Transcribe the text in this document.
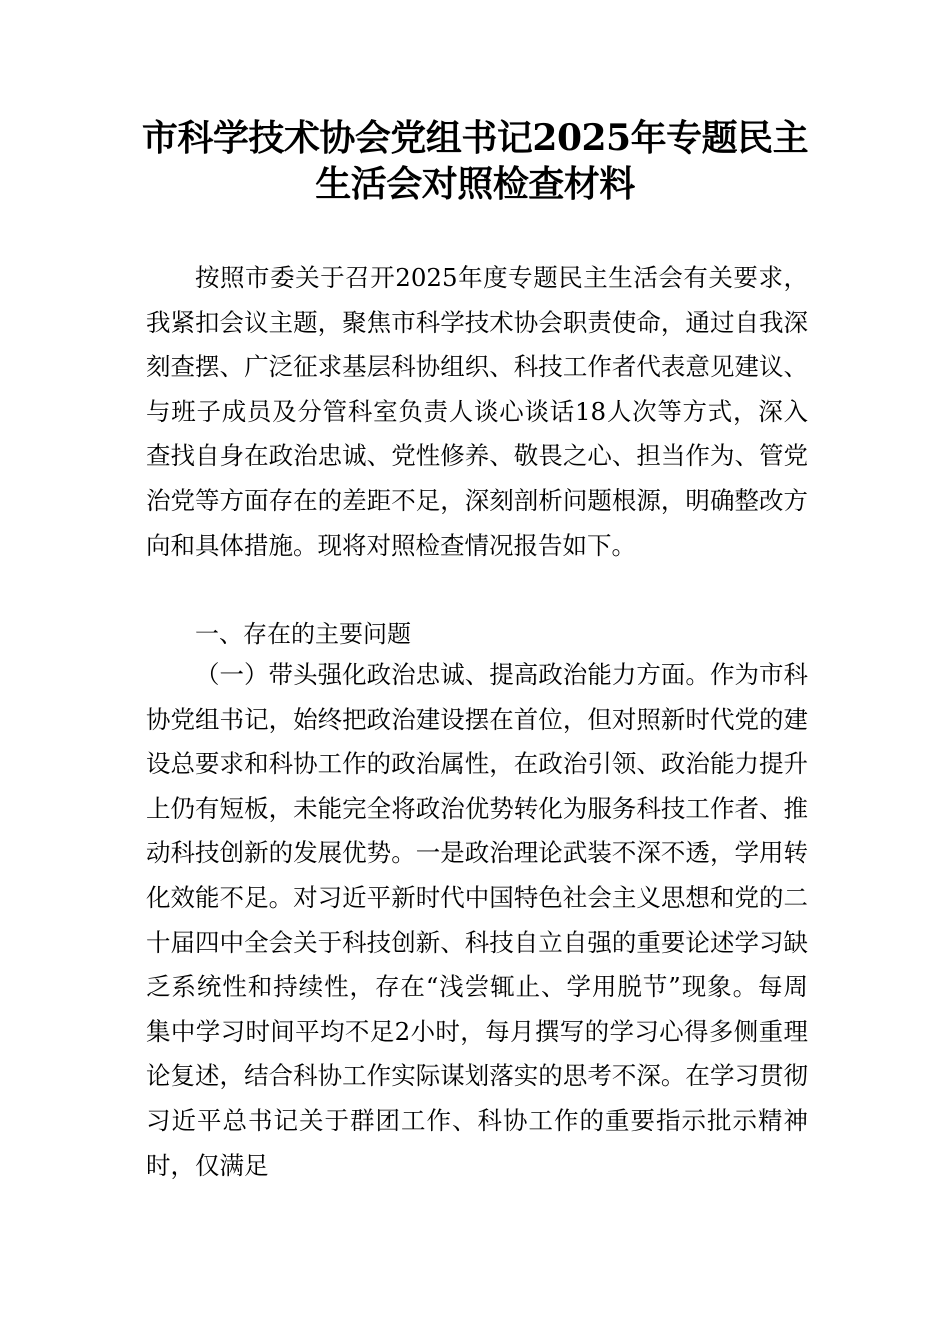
市科学技术协会党组书记2025年专题民主
生活会对照检查材料

按照市委关于召开2025年度专题民主生活会有关要求，我紧扣会议主题，聚焦市科学技术协会职责使命，通过自我深刻查摆、广泛征求基层科协组织、科技工作者代表意见建议、与班子成员及分管科室负责人谈心谈话18人次等方式，深入查找自身在政治忠诚、党性修养、敬畏之心、担当作为、管党治党等方面存在的差距不足，深刻剖析问题根源，明确整改方向和具体措施。现将对照检查情况报告如下。

一、存在的主要问题

（一）带头强化政治忠诚、提高政治能力方面。作为市科协党组书记，始终把政治建设摆在首位，但对照新时代党的建设总要求和科协工作的政治属性，在政治引领、政治能力提升上仍有短板，未能完全将政治优势转化为服务科技工作者、推动科技创新的发展优势。一是政治理论武装不深不透，学用转化效能不足。对习近平新时代中国特色社会主义思想和党的二十届四中全会关于科技创新、科技自立自强的重要论述学习缺乏系统性和持续性，存在“浅尝辄止、学用脱节”现象。每周集中学习时间平均不足2小时，每月撰写的学习心得多侧重理论复述，结合科协工作实际谋划落实的思考不深。在学习贯彻习近平总书记关于群团工作、科协工作的重要指示批示精神时，仅满足
